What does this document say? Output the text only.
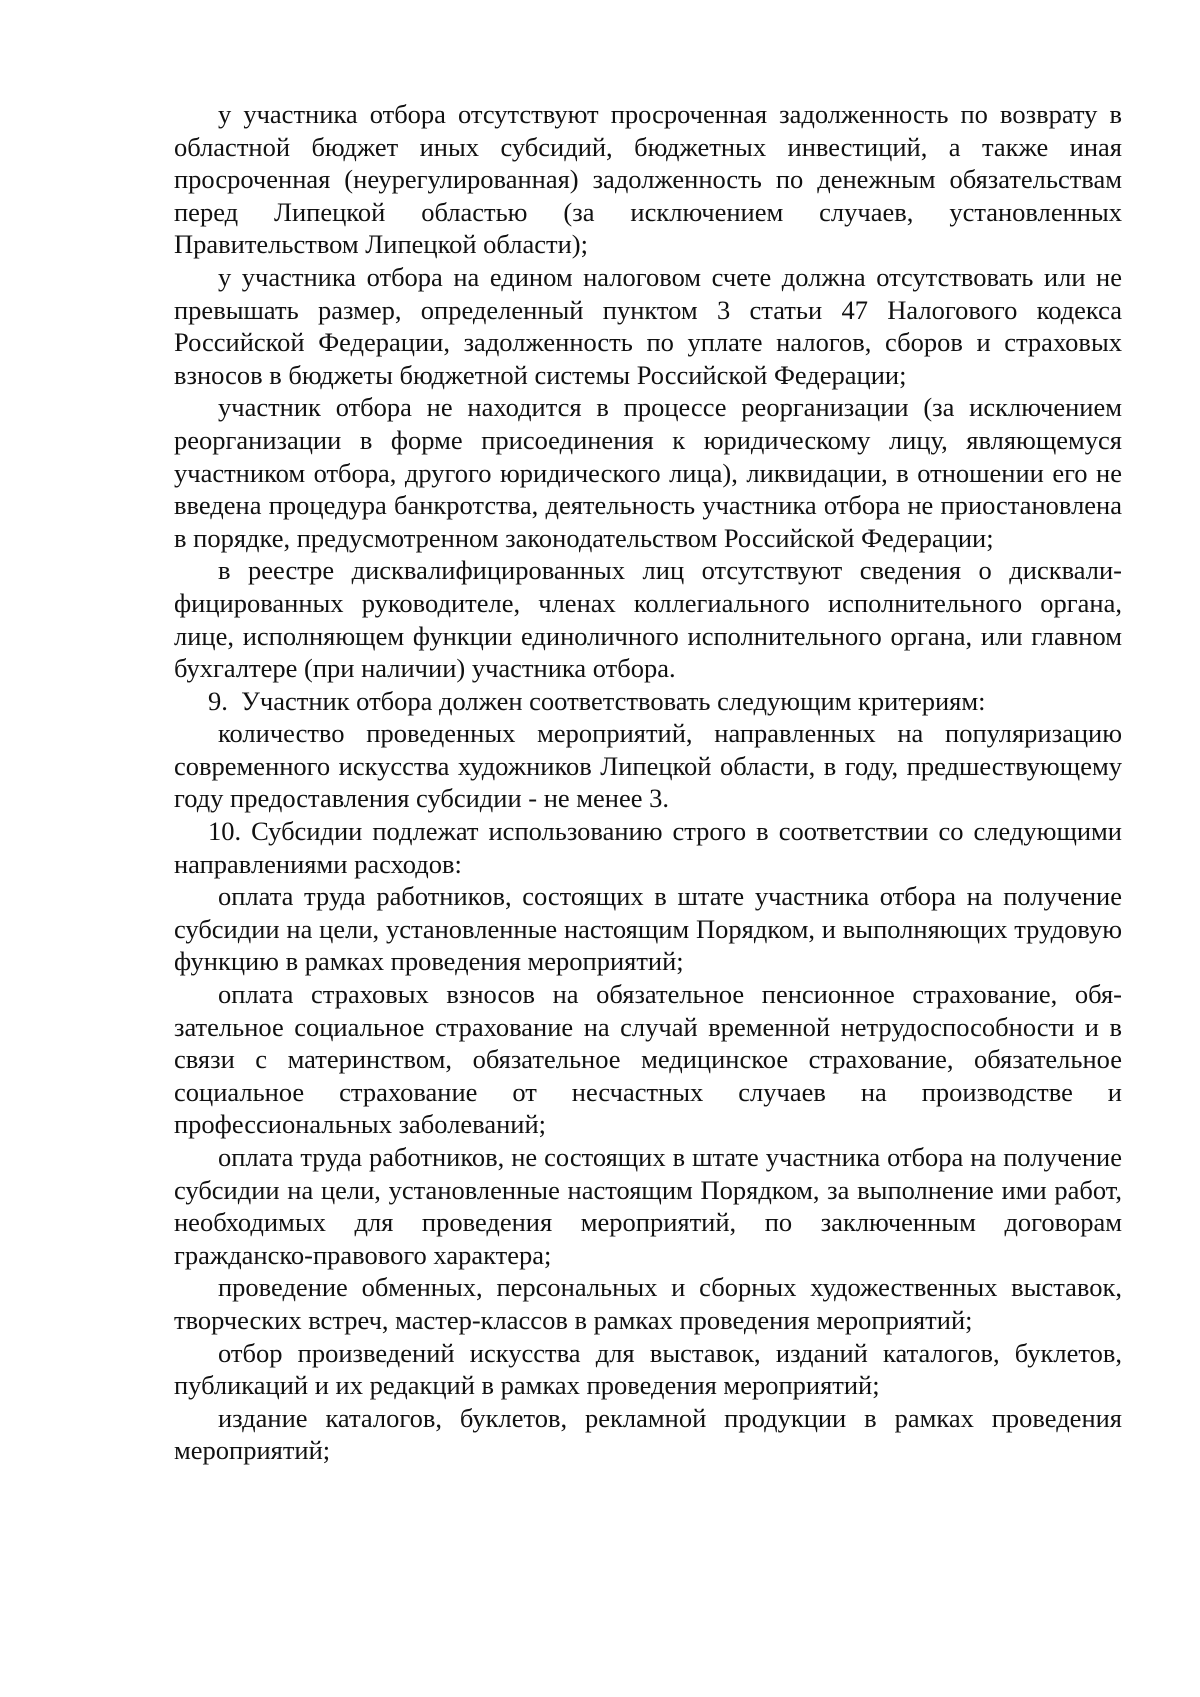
у участника отбора отсутствуют просроченная задолженность по возврату в областной бюджет иных субсидий, бюджетных инвестиций, а также иная просроченная (неурегулированная) задолженность по денежным обязательствам перед Липецкой областью (за исключением случаев, установленных Правительством Липецкой области);

у участника отбора на едином налоговом счете должна отсутствовать или не превышать размер, определенный пунктом 3 статьи 47 Налогового кодекса Российской Федерации, задолженность по уплате налогов, сборов и страховых взносов в бюджеты бюджетной системы Российской Федерации;

участник отбора не находится в процессе реорганизации (за исключением реорганизации в форме присоединения к юридическому лицу, являющемуся участником отбора, другого юридического лица), ликвидации, в отношении его не введена процедура банкротства, деятельность участника отбора не приостановлена в порядке, предусмотренном законодательством Российской Федерации;

в реестре дисквалифицированных лиц отсутствуют сведения о дисквалифицированных руководителе, членах коллегиального исполнительного органа, лице, исполняющем функции единоличного исполнительного органа, или главном бухгалтере (при наличии) участника отбора.

9.  Участник отбора должен соответствовать следующим критериям:

количество проведенных мероприятий, направленных на популяризацию современного искусства художников Липецкой области, в году, предшествующему году предоставления субсидии - не менее 3.

10. Субсидии подлежат использованию строго в соответствии со следующими направлениями расходов:

оплата труда работников, состоящих в штате участника отбора на получение субсидии на цели, установленные настоящим Порядком, и выполняющих трудовую функцию в рамках проведения мероприятий;

оплата страховых взносов на обязательное пенсионное страхование, обязательное социальное страхование на случай временной нетрудоспособности и в связи с материнством, обязательное медицинское страхование, обязательное социальное страхование от несчастных случаев на производстве и профессиональных заболеваний;

оплата труда работников, не состоящих в штате участника отбора на получение субсидии на цели, установленные настоящим Порядком, за выполнение ими работ, необходимых для проведения мероприятий, по заключенным договорам гражданско-правового характера;

проведение обменных, персональных и сборных художественных выставок, творческих встреч, мастер-классов в рамках проведения мероприятий;

отбор произведений искусства для выставок, изданий каталогов, буклетов, публикаций и их редакций в рамках проведения мероприятий;

издание каталогов, буклетов, рекламной продукции в рамках проведения мероприятий;
